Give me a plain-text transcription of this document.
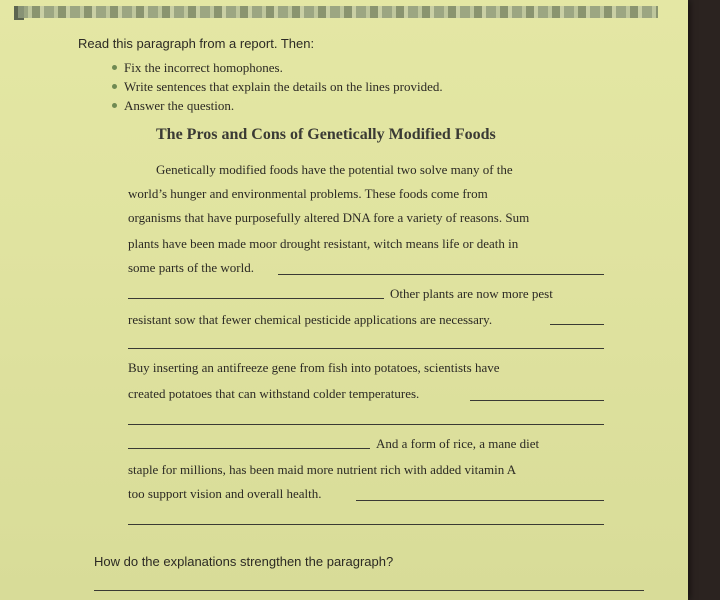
Read this paragraph from a report. Then:
Fix the incorrect homophones.
Write sentences that explain the details on the lines provided.
Answer the question.
The Pros and Cons of Genetically Modified Foods
Genetically modified foods have the potential two solve many of the
world’s hunger and environmental problems. These foods come from
organisms that have purposefully altered DNA fore a variety of reasons. Sum
plants have been made moor drought resistant, witch means life or death in
some parts of the world.
Other plants are now more pest
resistant sow that fewer chemical pesticide applications are necessary.
Buy inserting an antifreeze gene from fish into potatoes, scientists have
created potatoes that can withstand colder temperatures.
And a form of rice, a mane diet
staple for millions, has been maid more nutrient rich with added vitamin A
too support vision and overall health.
How do the explanations strengthen the paragraph?
